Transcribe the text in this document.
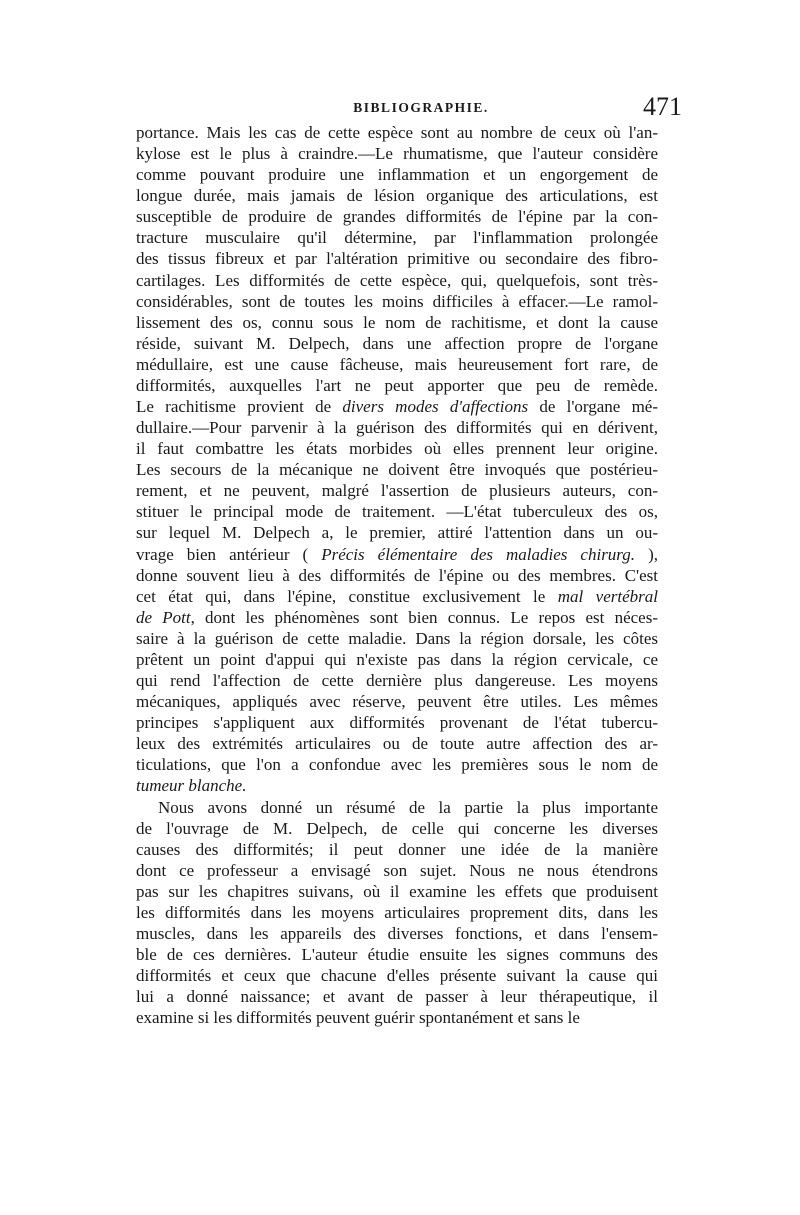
BIBLIOGRAPHIE.	471
portance. Mais les cas de cette espèce sont au nombre de ceux où l'an-
kylose est le plus à craindre.—Le rhumatisme, que l'auteur considère
comme pouvant produire une inflammation et un engorgement de
longue durée, mais jamais de lésion organique des articulations, est
susceptible de produire de grandes difformités de l'épine par la con-
tracture musculaire qu'il détermine, par l'inflammation prolongée
des tissus fibreux et par l'altération primitive ou secondaire des fibro-
cartilages. Les difformités de cette espèce, qui, quelquefois, sont très-
considérables, sont de toutes les moins difficiles à effacer.—Le ramol-
lissement des os, connu sous le nom de rachitisme, et dont la cause
réside, suivant M. Delpech, dans une affection propre de l'organe
médullaire, est une cause fâcheuse, mais heureusement fort rare, de
difformités, auxquelles l'art ne peut apporter que peu de remède.
Le rachitisme provient de divers modes d'affections de l'organe mé-
dullaire.—Pour parvenir à la guérison des difformités qui en dérivent,
il faut combattre les états morbides où elles prennent leur origine.
Les secours de la mécanique ne doivent être invoqués que postérieu-
rement, et ne peuvent, malgré l'assertion de plusieurs auteurs, con-
stituer le principal mode de traitement. —L'état tuberculeux des os,
sur lequel M. Delpech a, le premier, attiré l'attention dans un ou-
vrage bien antérieur ( Précis élémentaire des maladies chirurg. ),
donne souvent lieu à des difformités de l'épine ou des membres. C'est
cet état qui, dans l'épine, constitue exclusivement le mal vertébral
de Pott, dont les phénomènes sont bien connus. Le repos est néces-
saire à la guérison de cette maladie. Dans la région dorsale, les côtes
prêtent un point d'appui qui n'existe pas dans la région cervicale, ce
qui rend l'affection de cette dernière plus dangereuse. Les moyens
mécaniques, appliqués avec réserve, peuvent être utiles. Les mêmes
principes s'appliquent aux difformités provenant de l'état tubercu-
leux des extrémités articulaires ou de toute autre affection des ar-
ticulations, que l'on a confondue avec les premières sous le nom de
tumeur blanche.
Nous avons donné un résumé de la partie la plus importante
de l'ouvrage de M. Delpech, de celle qui concerne les diverses
causes des difformités; il peut donner une idée de la manière
dont ce professeur a envisagé son sujet. Nous ne nous étendrons
pas sur les chapitres suivans, où il examine les effets que produisent
les difformités dans les moyens articulaires proprement dits, dans les
muscles, dans les appareils des diverses fonctions, et dans l'ensem-
ble de ces dernières. L'auteur étudie ensuite les signes communs des
difformités et ceux que chacune d'elles présente suivant la cause qui
lui a donné naissance; et avant de passer à leur thérapeutique, il
examine si les difformités peuvent guérir spontanément et sans le
